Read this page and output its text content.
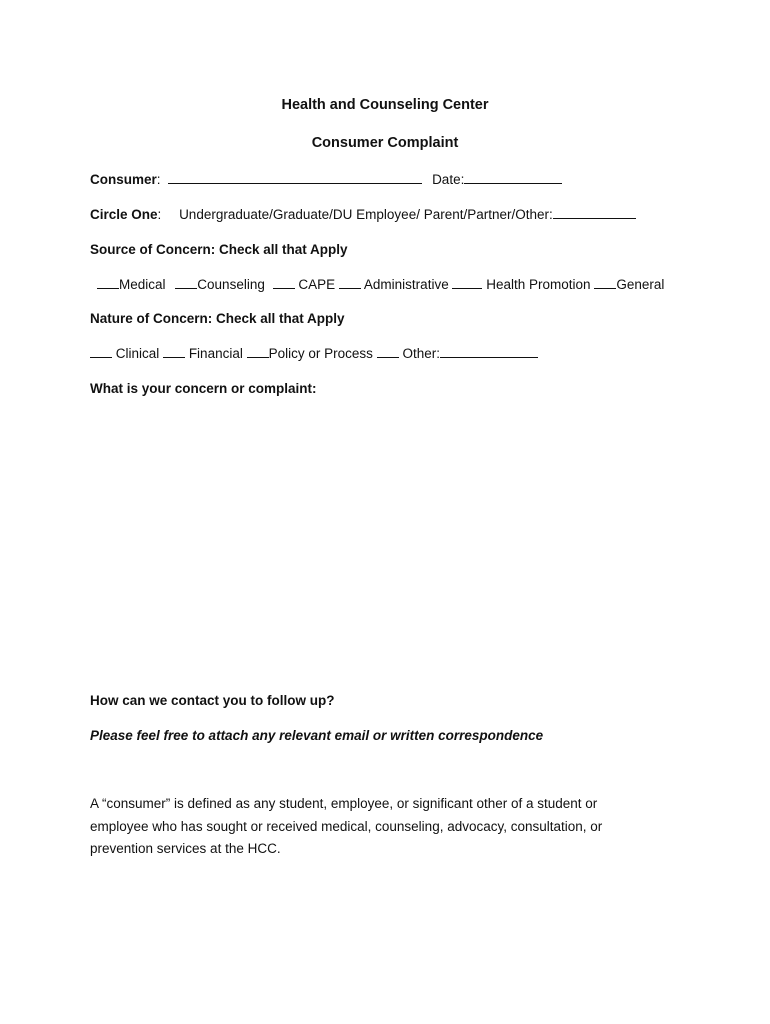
Health and Counseling Center
Consumer Complaint
Consumer:	Date:
Circle One: Undergraduate/Graduate/DU Employee/ Parent/Partner/Other:
Source of Concern: Check all that Apply
Medical Counseling CAPE Administrative	Health Promotion General
Nature of Concern: Check all that Apply
Clinical Financial Policy or Process Other:
What is your concern or complaint:
How can we contact you to follow up?
Please feel free to attach any relevant email or written correspondence
A “consumer” is defined as any student, employee, or significant other of a student or employee who has sought or received medical, counseling, advocacy, consultation, or prevention services at the HCC.
